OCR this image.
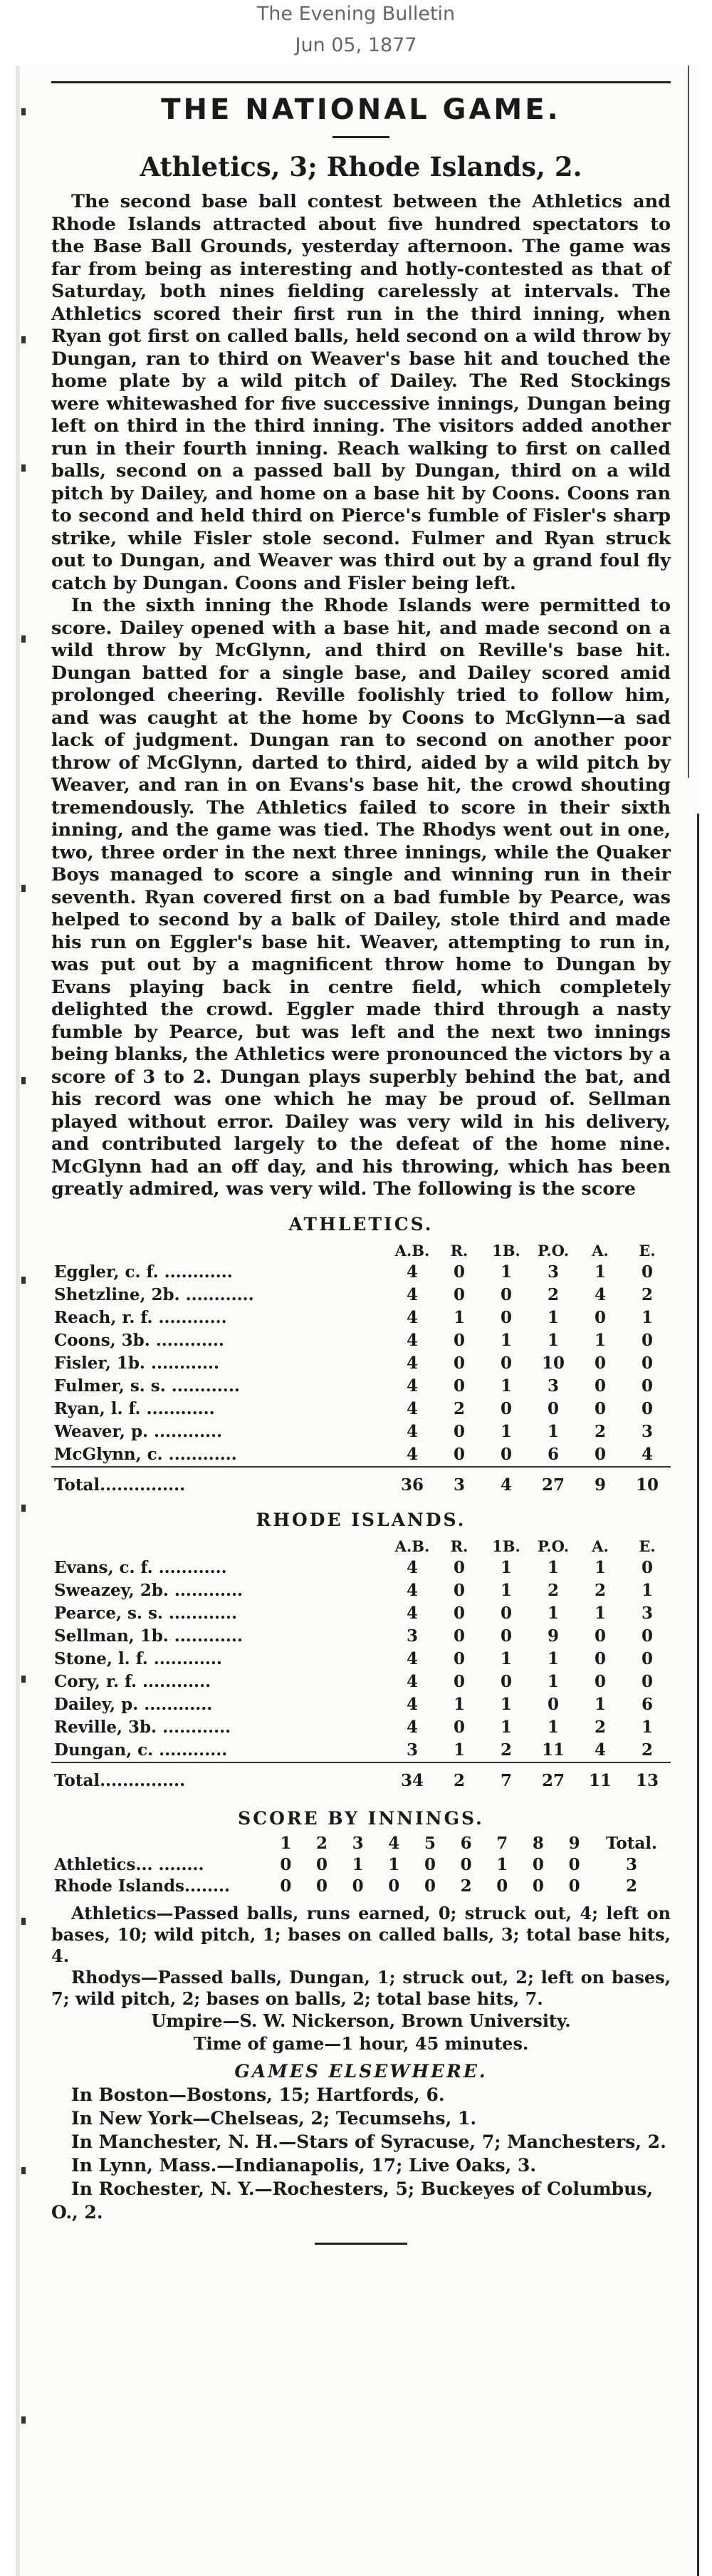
The Evening Bulletin
Jun 05, 1877
THE NATIONAL GAME.
Athletics, 3; Rhode Islands, 2.

The second base ball contest between the Athletics and Rhode Islands attracted about five hundred spectators to the Base Ball Grounds, yesterday afternoon. The game was far from being as interesting and hotly-contested as that of Saturday, both nines fielding carelessly at intervals. The Athletics scored their first run in the third inning, when Ryan got first on called balls, held second on a wild throw by Dungan, ran to third on Weaver's base hit and touched the home plate by a wild pitch of Dailey. The Red Stockings were whitewashed for five successive innings, Dungan being left on third in the third inning. The visitors added another run in their fourth inning. Reach walking to first on called balls, second on a passed ball by Dungan, third on a wild pitch by Dailey, and home on a base hit by Coons. Coons ran to second and held third on Pierce's fumble of Fisler's sharp strike, while Fisler stole second. Fulmer and Ryan struck out to Dungan, and Weaver was third out by a grand foul fly catch by Dungan. Coons and Fisler being left.

In the sixth inning the Rhode Islands were permitted to score. Dailey opened with a base hit, and made second on a wild throw by McGlynn, and third on Reville's base hit. Dungan batted for a single base, and Dailey scored amid prolonged cheering. Reville foolishly tried to follow him, and was caught at the home by Coons to McGlynn—a sad lack of judgment. Dungan ran to second on another poor throw of McGlynn, darted to third, aided by a wild pitch by Weaver, and ran in on Evans's base hit, the crowd shouting tremendously. The Athletics failed to score in their sixth inning, and the game was tied. The Rhodys went out in one, two, three order in the next three innings, while the Quaker Boys managed to score a single and winning run in their seventh. Ryan covered first on a bad fumble by Pearce, was helped to second by a balk of Dailey, stole third and made his run on Eggler's base hit. Weaver, attempting to run in, was put out by a magnificent throw home to Dungan by Evans playing back in centre field, which completely delighted the crowd. Eggler made third through a nasty fumble by Pearce, but was left and the next two innings being blanks, the Athletics were pronounced the victors by a score of 3 to 2. Dungan plays superbly behind the bat, and his record was one which he may be proud of. Sellman played without error. Dailey was very wild in his delivery, and contributed largely to the defeat of the home nine. McGlynn had an off day, and his throwing, which has been greatly admired, was very wild. The following is the score

ATHLETICS.
	A.B.	R.	1B.	P.O.	A.	E.
Eggler, c. f. ............	4	0	1	3	1	0
Shetzline, 2b. ............	4	0	0	2	4	2
Reach, r. f. ............	4	1	0	1	0	1
Coons, 3b. ............	4	0	1	1	1	0
Fisler, 1b. ............	4	0	0	10	0	0
Fulmer, s. s. ............	4	0	1	3	0	0
Ryan, l. f. ............	4	2	0	0	0	0
Weaver, p. ............	4	0	1	1	2	3
McGlynn, c. ............	4	0	0	6	0	4
Total...............	36	3	4	27	9	10
RHODE ISLANDS.
	A.B.	R.	1B.	P.O.	A.	E.
Evans, c. f. ............	4	0	1	1	1	0
Sweazey, 2b. ............	4	0	1	2	2	1
Pearce, s. s. ............	4	0	0	1	1	3
Sellman, 1b. ............	3	0	0	9	0	0
Stone, l. f. ............	4	0	1	1	0	0
Cory, r. f. ............	4	0	0	1	0	0
Dailey, p. ............	4	1	1	0	1	6
Reville, 3b. ............	4	0	1	1	2	1
Dungan, c. ............	3	1	2	11	4	2
Total...............	34	2	7	27	11	13
SCORE BY INNINGS.
	1	2	3	4	5	6	7	8	9	Total.
Athletics... ........	0	0	1	1	0	0	1	0	0	3
Rhode Islands........	0	0	0	0	0	2	0	0	0	2

Athletics—Passed balls, runs earned, 0; struck out, 4; left on bases, 10; wild pitch, 1; bases on called balls, 3; total base hits, 4.

Rhodys—Passed balls, Dungan, 1; struck out, 2; left on bases, 7; wild pitch, 2; bases on balls, 2; total base hits, 7.

Umpire—S. W. Nickerson, Brown University.
Time of game—1 hour, 45 minutes.
GAMES ELSEWHERE.

In Boston—Bostons, 15; Hartfords, 6.

In New York—Chelseas, 2; Tecumsehs, 1.

In Manchester, N. H.—Stars of Syracuse, 7; Manchesters, 2.

In Lynn, Mass.—Indianapolis, 17; Live Oaks, 3.

In Rochester, N. Y.—Rochesters, 5; Buckeyes of Columbus, O., 2.
